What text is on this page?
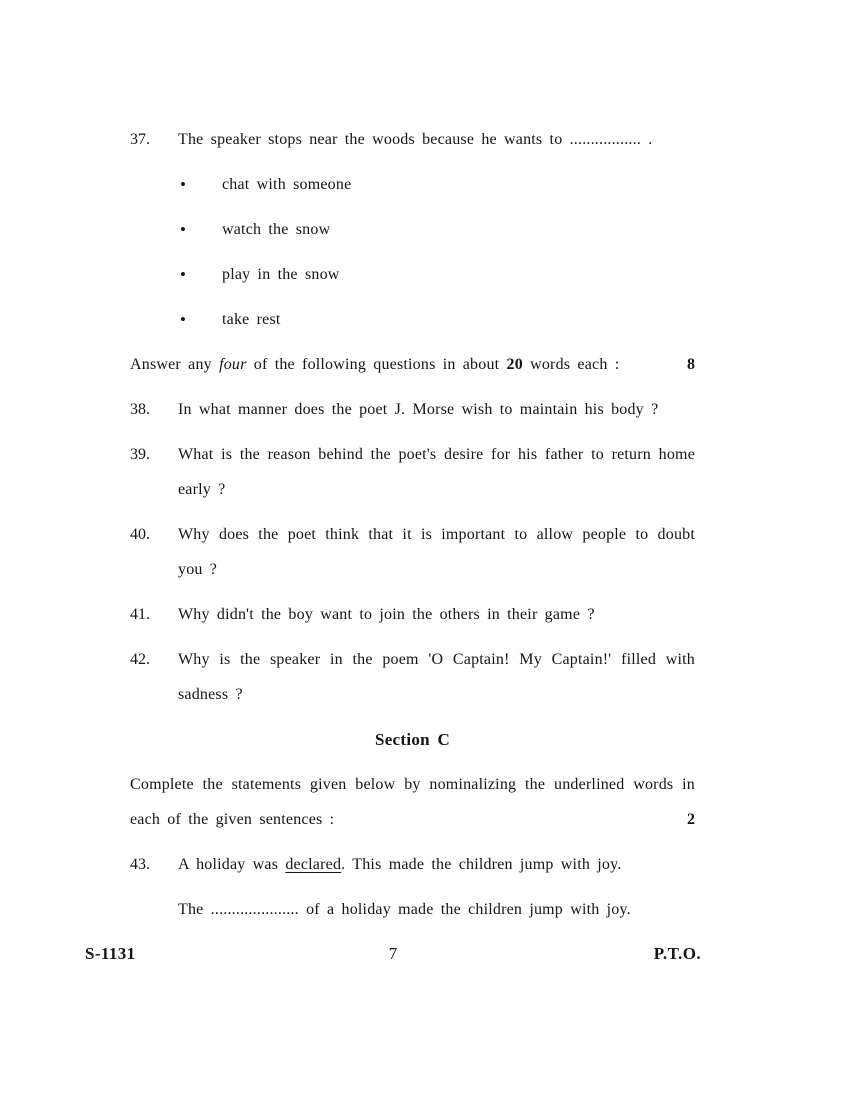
37.	The speaker stops near the woods because he wants to ................. .

•	chat with someone
•	watch the snow
•	play in the snow
•	take rest

Answer any four of the following questions in about 20 words each :	8
38.	In what manner does the poet J. Morse wish to maintain his body ?

39.	What is the reason behind the poet's desire for his father to return home early ?

40.	Why does the poet think that it is important to allow people to doubt you ?

41.	Why didn't the boy want to join the others in their game ?

42.	Why is the speaker in the poem 'O Captain! My Captain!' filled with sadness ?

Section C

Complete the statements given below by nominalizing the underlined words in each of the given sentences :	2
43.	A holiday was declared. This made the children jump with joy.

The ..................... of a holiday made the children jump with joy.

S-1131	7	P.T.O.
